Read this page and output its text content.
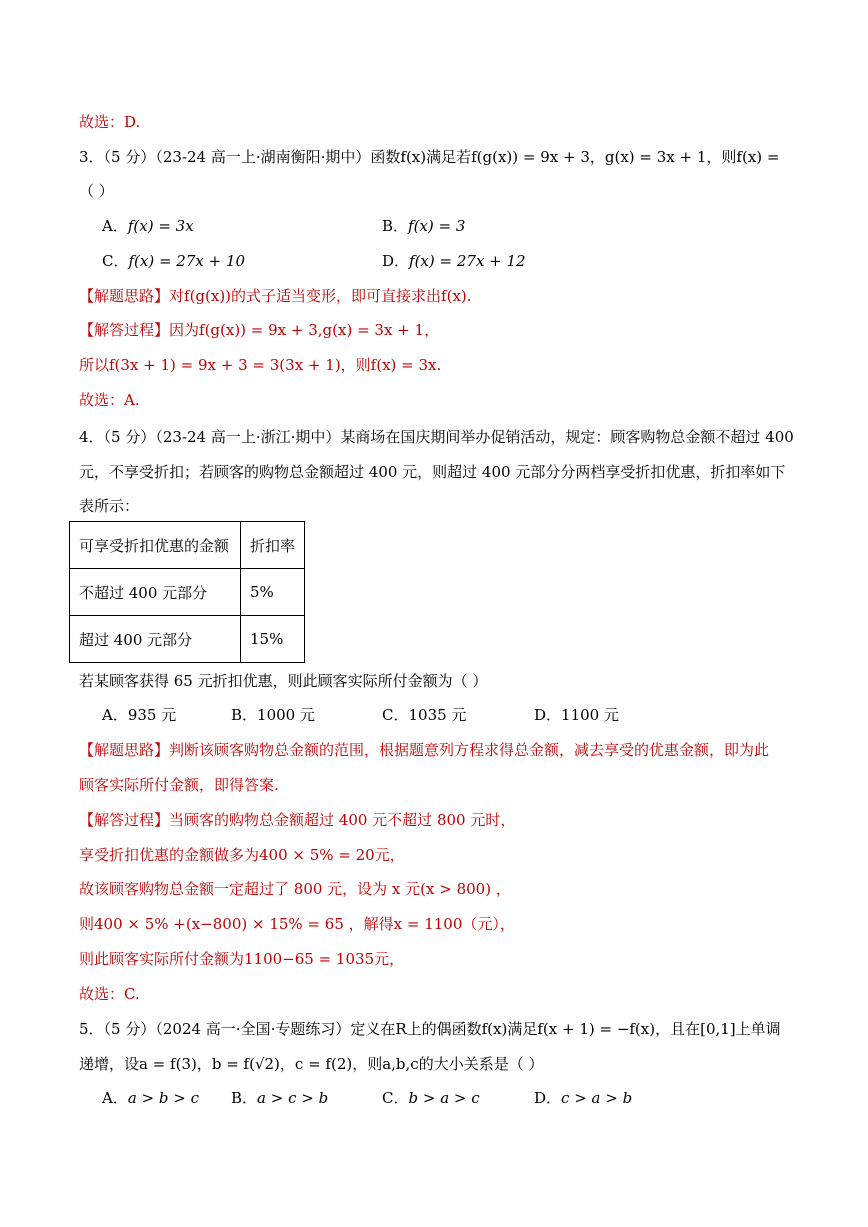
故选：D.
3．（5 分）（23-24 高一上·湖南衡阳·期中）函数f(x)满足若f(g(x)) = 9x + 3，g(x) = 3x + 1，则f(x) =
（ ）
A．f(x) = 3x	B．f(x) = 3
C．f(x) = 27x + 10	D．f(x) = 27x + 12
【解题思路】对f(g(x))的式子适当变形，即可直接求出f(x).
【解答过程】因为f(g(x)) = 9x + 3,g(x) = 3x + 1，
所以f(3x + 1) = 9x + 3 = 3(3x + 1)，则f(x) = 3x.
故选：A.
4．（5 分）（23-24 高一上·浙江·期中）某商场在国庆期间举办促销活动，规定：顾客购物总金额不超过 400
元，不享受折扣；若顾客的购物总金额超过 400 元，则超过 400 元部分分两档享受折扣优惠，折扣率如下
表所示：
可享受折扣优惠的金额	折扣率
不超过 400 元部分	5%
超过 400 元部分	15%
若某顾客获得 65 元折扣优惠，则此顾客实际所付金额为（ ）
A．935 元	B．1000 元	C．1035 元	D．1100 元
【解题思路】判断该顾客购物总金额的范围，根据题意列方程求得总金额，减去享受的优惠金额，即为此
顾客实际所付金额，即得答案.
【解答过程】当顾客的购物总金额超过 400 元不超过 800 元时，
享受折扣优惠的金额做多为400 × 5% = 20元，
故该顾客购物总金额一定超过了 800 元，设为 x 元(x > 800) ，
则400 × 5% +(x−800) × 15% = 65 ，解得x = 1100（元），
则此顾客实际所付金额为1100−65 = 1035元，
故选：C.
5．（5 分）（2024 高一·全国·专题练习）定义在R上的偶函数f(x)满足f(x + 1) = −f(x)，且在[0,1]上单调
递增，设a = f(3)，b = f(√2)，c = f(2)，则a,b,c的大小关系是（ ）
A．a > b > c B．a > c > b	C．b > a > c	D．c > a > b
